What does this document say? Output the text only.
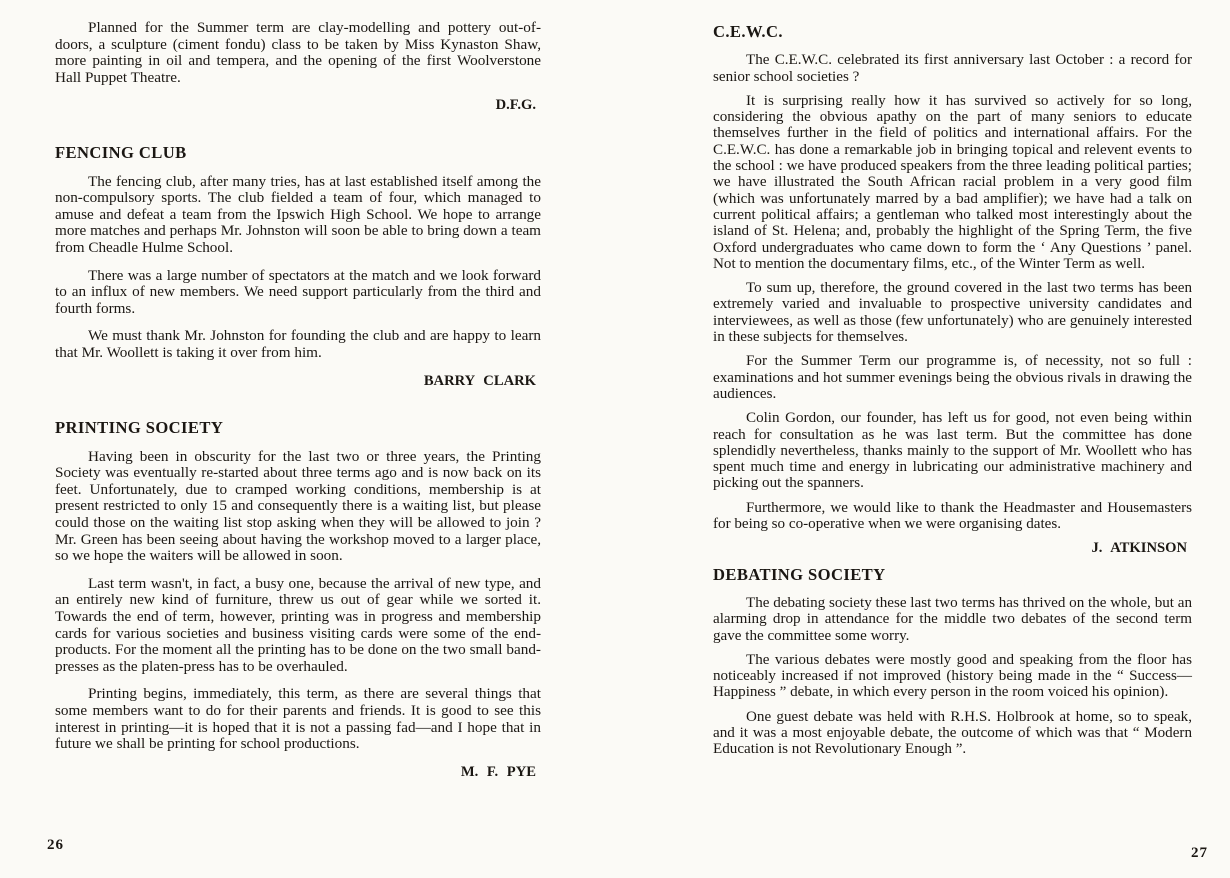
Planned for the Summer term are clay-modelling and pottery out-of-doors, a sculpture (ciment fondu) class to be taken by Miss Kynaston Shaw, more painting in oil and tempera, and the opening of the first Woolverstone Hall Puppet Theatre.

D.F.G.
FENCING CLUB

The fencing club, after many tries, has at last established itself among the non-compulsory sports. The club fielded a team of four, which managed to amuse and defeat a team from the Ipswich High School. We hope to arrange more matches and perhaps Mr. Johnston will soon be able to bring down a team from Cheadle Hulme School.

There was a large number of spectators at the match and we look forward to an influx of new members. We need support particularly from the third and fourth forms.

We must thank Mr. Johnston for founding the club and are happy to learn that Mr. Woollett is taking it over from him.

BARRY CLARK
PRINTING SOCIETY

Having been in obscurity for the last two or three years, the Printing Society was eventually re-started about three terms ago and is now back on its feet. Unfortunately, due to cramped working conditions, membership is at present restricted to only 15 and consequently there is a waiting list, but please could those on the waiting list stop asking when they will be allowed to join ? Mr. Green has been seeing about having the workshop moved to a larger place, so we hope the waiters will be allowed in soon.

Last term wasn't, in fact, a busy one, because the arrival of new type, and an entirely new kind of furniture, threw us out of gear while we sorted it. Towards the end of term, however, printing was in progress and membership cards for various societies and business visiting cards were some of the end-products. For the moment all the printing has to be done on the two small band-presses as the platen-press has to be overhauled.

Printing begins, immediately, this term, as there are several things that some members want to do for their parents and friends. It is good to see this interest in printing—it is hoped that it is not a passing fad—and I hope that in future we shall be printing for school productions.

M. F. PYE
C.E.W.C.

The C.E.W.C. celebrated its first anniversary last October : a record for senior school societies ?

It is surprising really how it has survived so actively for so long, considering the obvious apathy on the part of many seniors to educate themselves further in the field of politics and international affairs. For the C.E.W.C. has done a remarkable job in bringing topical and relevent events to the school : we have produced speakers from the three leading political parties; we have illustrated the South African racial problem in a very good film (which was unfortunately marred by a bad amplifier); we have had a talk on current political affairs; a gentleman who talked most interestingly about the island of St. Helena; and, probably the highlight of the Spring Term, the five Oxford undergraduates who came down to form the ‘ Any Questions ’ panel. Not to mention the documentary films, etc., of the Winter Term as well.

To sum up, therefore, the ground covered in the last two terms has been extremely varied and invaluable to prospective university candidates and interviewees, as well as those (few unfortunately) who are genuinely interested in these subjects for themselves.

For the Summer Term our programme is, of necessity, not so full : examinations and hot summer evenings being the obvious rivals in drawing the audiences.

Colin Gordon, our founder, has left us for good, not even being within reach for consultation as he was last term. But the committee has done splendidly nevertheless, thanks mainly to the support of Mr. Woollett who has spent much time and energy in lubricating our administrative machinery and picking out the spanners.

Furthermore, we would like to thank the Headmaster and Housemasters for being so co-operative when we were organising dates.

J. ATKINSON
DEBATING SOCIETY

The debating society these last two terms has thrived on the whole, but an alarming drop in attendance for the middle two debates of the second term gave the committee some worry.

The various debates were mostly good and speaking from the floor has noticeably increased if not improved (history being made in the “ Success—Happiness ” debate, in which every person in the room voiced his opinion).

One guest debate was held with R.H.S. Holbrook at home, so to speak, and it was a most enjoyable debate, the outcome of which was that “ Modern Education is not Revolutionary Enough ”.

26	27
